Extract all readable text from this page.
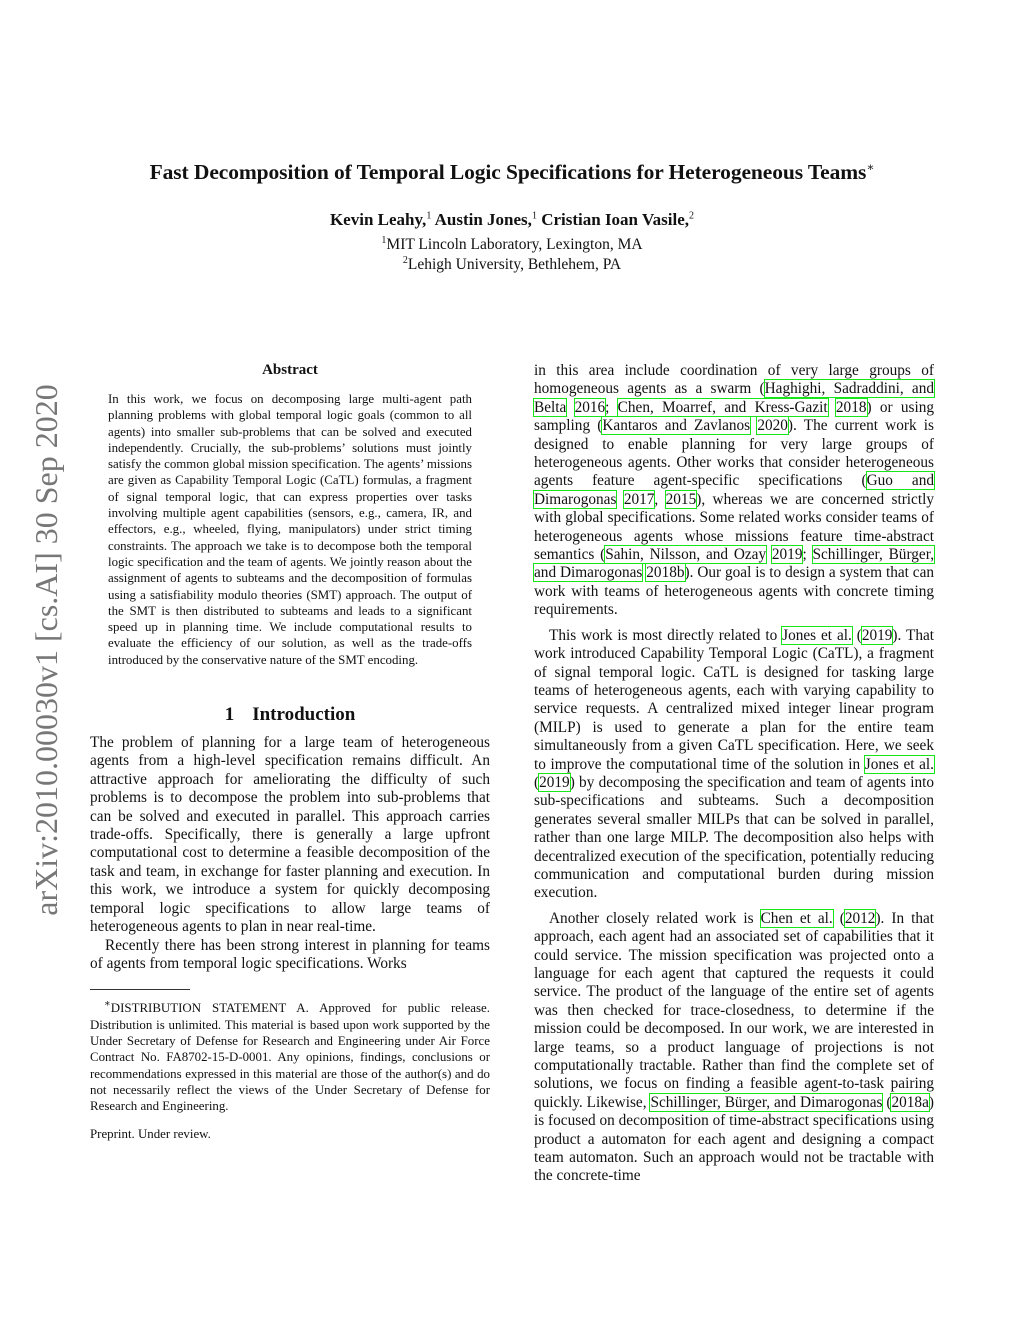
Fast Decomposition of Temporal Logic Specifications for Heterogeneous Teams∗
Kevin Leahy,$^1$ Austin Jones,$^1$ Cristian Ioan Vasile,$^2$
$^1$MIT Lincoln Laboratory, Lexington, MA
$^2$Lehigh University, Bethlehem, PA
arXiv:2010.00030v1 [cs.AI] 30 Sep 2020
Abstract

In this work, we focus on decomposing large multi-agent path planning problems with global temporal logic goals (common to all agents) into smaller sub-problems that can be solved and executed independently. Crucially, the sub-problems’ solutions must jointly satisfy the common global mission specification. The agents’ missions are given as Capability Temporal Logic (CaTL) formulas, a fragment of signal temporal logic, that can express properties over tasks involving multiple agent capabilities (sensors, e.g., camera, IR, and effectors, e.g., wheeled, flying, manipulators) under strict timing constraints. The approach we take is to decompose both the temporal logic specification and the team of agents. We jointly reason about the assignment of agents to subteams and the decomposition of formulas using a satisfiability modulo theories (SMT) approach. The output of the SMT is then distributed to subteams and leads to a significant speed up in planning time. We include computational results to evaluate the efficiency of our solution, as well as the trade-offs introduced by the conservative nature of the SMT encoding.

1 Introduction

The problem of planning for a large team of heterogeneous agents from a high-level specification remains difficult. An attractive approach for ameliorating the difficulty of such problems is to decompose the problem into sub-problems that can be solved and executed in parallel. This approach carries trade-offs. Specifically, there is generally a large upfront computational cost to determine a feasible decomposition of the task and team, in exchange for faster planning and execution. In this work, we introduce a system for quickly decomposing temporal logic specifications to allow large teams of heterogeneous agents to plan in near real-time.

Recently there has been strong interest in planning for teams of agents from temporal logic specifications. Works

∗DISTRIBUTION STATEMENT A. Approved for public release. Distribution is unlimited. This material is based upon work supported by the Under Secretary of Defense for Research and Engineering under Air Force Contract No. FA8702-15-D-0001. Any opinions, findings, conclusions or recommendations expressed in this material are those of the author(s) and do not necessarily reflect the views of the Under Secretary of Defense for Research and Engineering.

Preprint. Under review.

in this area include coordination of very large groups of homogeneous agents as a swarm (Haghighi, Sadraddini, and Belta 2016; Chen, Moarref, and Kress-Gazit 2018) or using sampling (Kantaros and Zavlanos 2020). The current work is designed to enable planning for very large groups of heterogeneous agents. Other works that consider heterogeneous agents feature agent-specific specifications (Guo and Dimarogonas 2017, 2015), whereas we are concerned strictly with global specifications. Some related works consider teams of heterogeneous agents whose missions feature time-abstract semantics (Sahin, Nilsson, and Ozay 2019; Schillinger, Bürger, and Dimarogonas 2018b). Our goal is to design a system that can work with teams of heterogeneous agents with concrete timing requirements.

This work is most directly related to Jones et al. (2019). That work introduced Capability Temporal Logic (CaTL), a fragment of signal temporal logic. CaTL is designed for tasking large teams of heterogeneous agents, each with varying capability to service requests. A centralized mixed integer linear program (MILP) is used to generate a plan for the entire team simultaneously from a given CaTL specification. Here, we seek to improve the computational time of the solution in Jones et al. (2019) by decomposing the specification and team of agents into sub-specifications and subteams. Such a decomposition generates several smaller MILPs that can be solved in parallel, rather than one large MILP. The decomposition also helps with decentralized execution of the specification, potentially reducing communication and computational burden during mission execution.

Another closely related work is Chen et al. (2012). In that approach, each agent had an associated set of capabilities that it could service. The mission specification was projected onto a language for each agent that captured the requests it could service. The product of the language of the entire set of agents was then checked for trace-closedness, to determine if the mission could be decomposed. In our work, we are interested in large teams, so a product language of projections is not computationally tractable. Rather than find the complete set of solutions, we focus on finding a feasible agent-to-task pairing quickly. Likewise, Schillinger, Bürger, and Dimarogonas (2018a) is focused on decomposition of time-abstract specifications using product a automaton for each agent and designing a compact team automaton. Such an approach would not be tractable with the concrete-time
